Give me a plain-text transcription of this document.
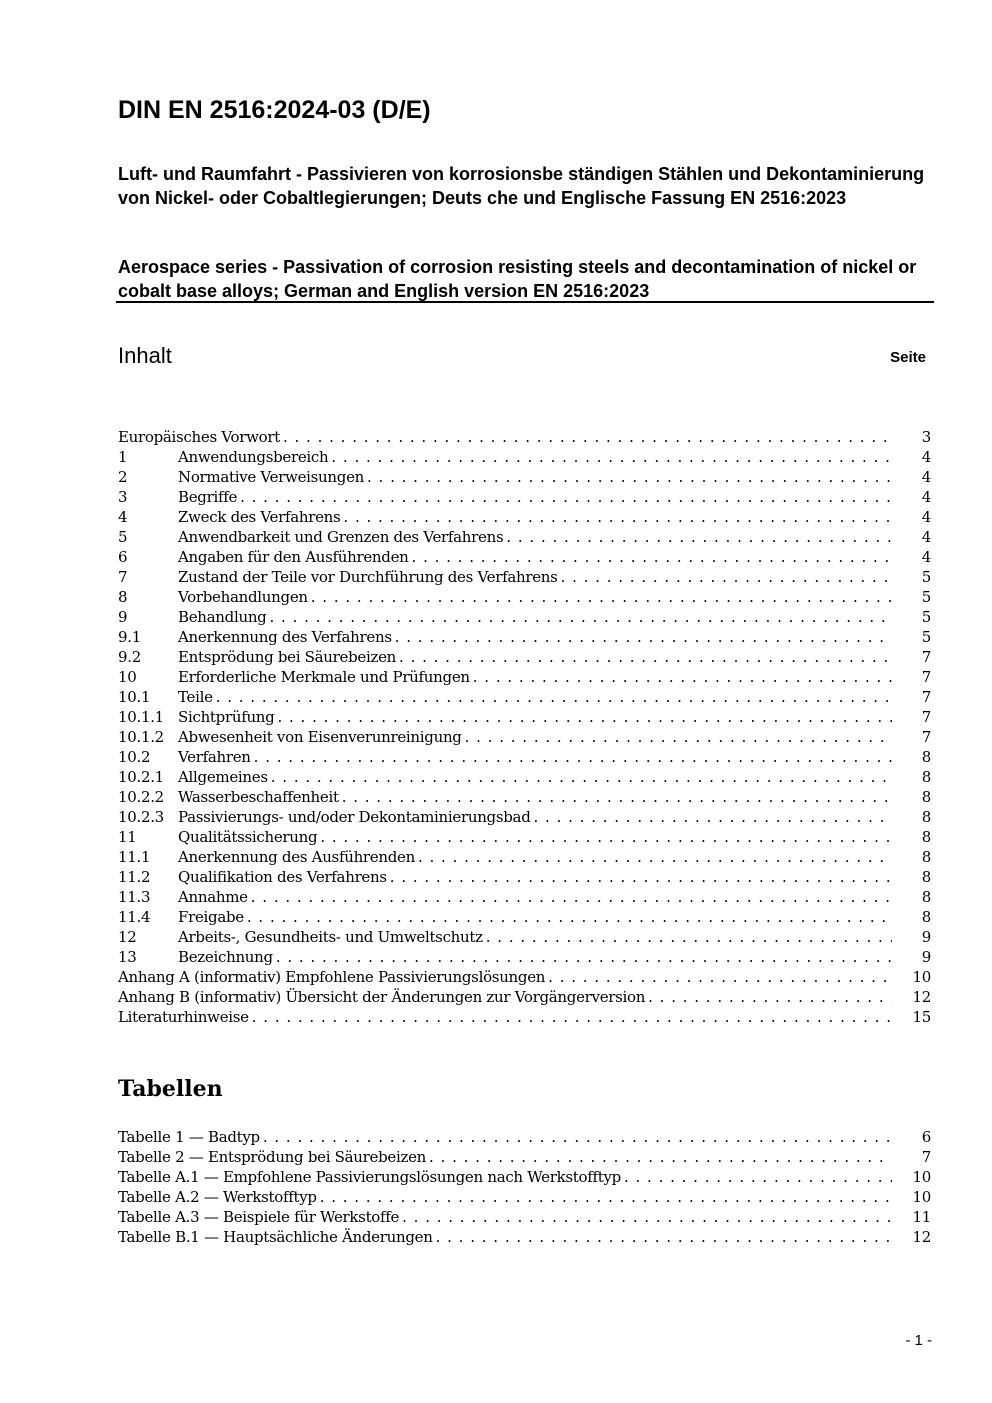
DIN EN 2516:2024-03 (D/E)
Luft- und Raumfahrt - Passivieren von korrosionsbe ständigen Stählen und Dekontaminierung von Nickel- oder Cobaltlegierungen; Deuts che und Englische Fassung EN 2516:2023
Aerospace series - Passivation of corrosion resisting steels and decontamination of nickel or cobalt base alloys; German and English version EN 2516:2023
Inhalt	Seite
Europäisches Vorwort . . .	3
1	Anwendungsbereich . . .	4
2	Normative Verweisungen . . .	4
3	Begriffe . . .	4
4	Zweck des Verfahrens . . .	4
5	Anwendbarkeit und Grenzen des Verfahrens . . .	4
6	Angaben für den Ausführenden . . .	4
7	Zustand der Teile vor Durchführung des Verfahrens . . .	5
8	Vorbehandlungen . . .	5
9	Behandlung . . .	5
9.1	Anerkennung des Verfahrens . . .	5
9.2	Entsprödung bei Säurebeizen . . .	7
10	Erforderliche Merkmale und Prüfungen . . .	7
10.1	Teile . . .	7
10.1.1 Sichtprüfung . . .	7
10.1.2 Abwesenheit von Eisenverunreinigung . . .	7
10.2	Verfahren . . .	8
10.2.1 Allgemeines . . .	8
10.2.2 Wasserbeschaffenheit . . .	8
10.2.3 Passivierungs- und/oder Dekontaminierungsbad . . .	8
11	Qualitätssicherung . . .	8
11.1	Anerkennung des Ausführenden . . .	8
11.2	Qualifikation des Verfahrens . . .	8
11.3	Annahme . . .	8
11.4	Freigabe . . .	8
12	Arbeits-, Gesundheits- und Umweltschutz . . .	9
13	Bezeichnung . . .	9
Anhang A (informativ) Empfohlene Passivierungslösungen . . .	10
Anhang B (informativ) Übersicht der Änderungen zur Vorgängerversion . . .	12
Literaturhinweise . . .	15
Tabellen
Tabelle 1 — Badtyp . . .	6
Tabelle 2 — Entsprödung bei Säurebeizen . . .	7
Tabelle A.1 — Empfohlene Passivierungslösungen nach Werkstofftyp . . .	10
Tabelle A.2 — Werkstofftyp . . .	10
Tabelle A.3 — Beispiele für Werkstoffe . . .	11
Tabelle B.1 — Hauptsächliche Änderungen . . .	12
- 1 -
